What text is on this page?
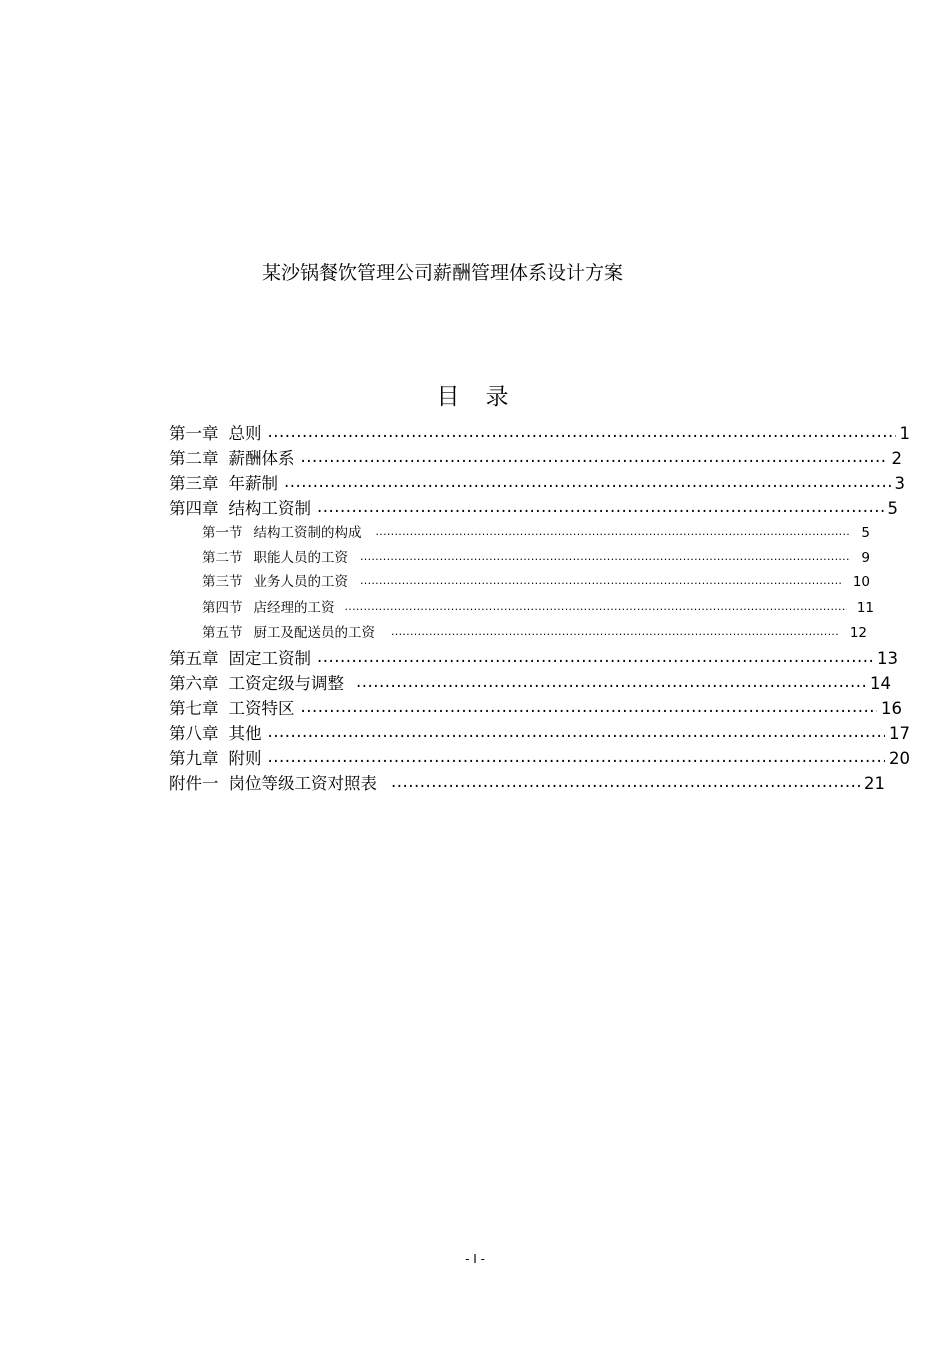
某沙锅餐饮管理公司薪酬管理体系设计方案
目录
第一章 总则 .....	1
第二章 薪酬体系 .....	2
第三章 年薪制 .....	3
第四章 结构工资制 .....	5
第一节 结构工资制的构成 .....	5
第二节 职能人员的工资 .....	9
第三节 业务人员的工资 .....	10
第四节 店经理的工资 .....	11
第五节 厨工及配送员的工资 .....	12
第五章 固定工资制 .....	13
第六章 工资定级与调整 .....	14
第七章 工资特区 .....	16
第八章 其他 .....	17
第九章 附则 .....	20
附件一 岗位等级工资对照表 .....	21
- I -
